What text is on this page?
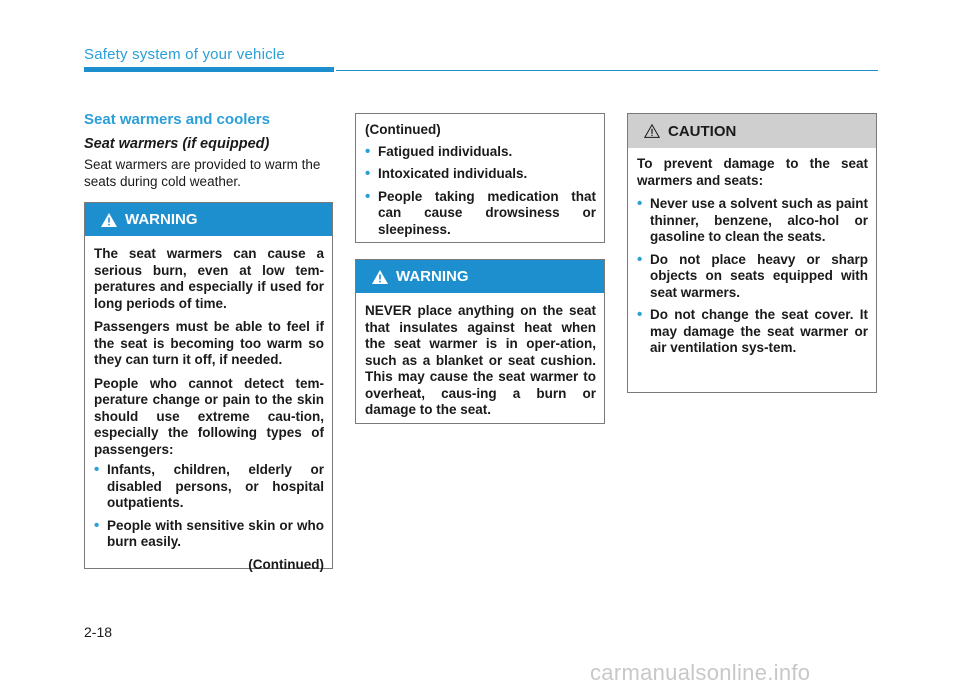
Safety system of your vehicle
Seat warmers and coolers
Seat warmers (if equipped)
Seat warmers are provided to warm the seats during cold weather.
WARNING

The seat warmers can cause a serious burn, even at low tem-peratures and especially if used for long periods of time.

Passengers must be able to feel if the seat is becoming too warm so they can turn it off, if needed.

People who cannot detect tem-perature change or pain to the skin should use extreme cau-tion, especially the following types of passengers:

• Infants, children, elderly or disabled persons, or hospital outpatients.
• People with sensitive skin or who burn easily.

(Continued)

(Continued)

• Fatigued individuals.
• Intoxicated individuals.
• People taking medication that can cause drowsiness or sleepiness.
WARNING

NEVER place anything on the seat that insulates against heat when the seat warmer is in oper-ation, such as a blanket or seat cushion. This may cause the seat warmer to overheat, caus-ing a burn or damage to the seat.

CAUTION

To prevent damage to the seat warmers and seats:

• Never use a solvent such as paint thinner, benzene, alco-hol or gasoline to clean the seats.
• Do not place heavy or sharp objects on seats equipped with seat warmers.
• Do not change the seat cover. It may damage the seat warmer or air ventilation sys-tem.
2-18
carmanualsonline.info
